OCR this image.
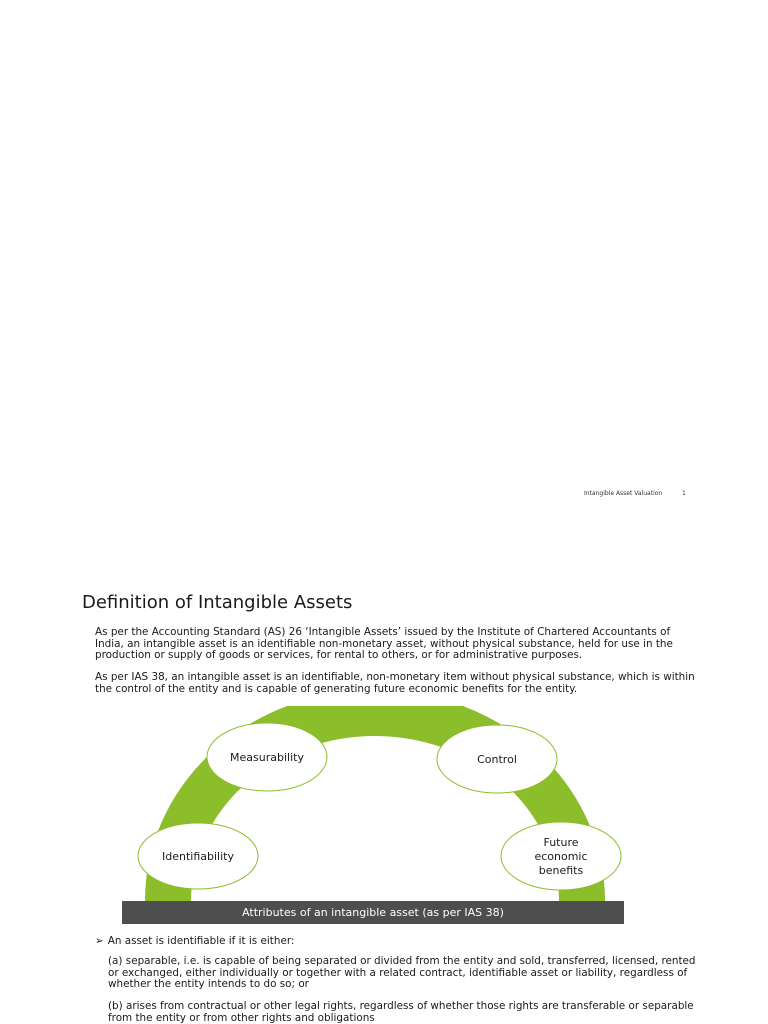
Intangible Asset Valuation	1
Definition of Intangible Assets

As per the Accounting Standard (AS) 26 ‘Intangible Assets’ issued by the Institute of Chartered Accountants of India, an intangible asset is an identifiable non-monetary asset, without physical substance, held for use in the production or supply of goods or services, for rental to others, or for administrative purposes.

As per IAS 38, an intangible asset is an identifiable, non-monetary item without physical substance, which is within the control of the entity and is capable of generating future economic benefits for the entity.

Identifiability
Measurability	Control
Future
economic
benefits
Attributes of an intangible asset (as per IAS 38)

➢ An asset is identifiable if it is either:

(a) separable, i.e. is capable of being separated or divided from the entity and sold, transferred, licensed, rented or exchanged, either individually or together with a related contract, identifiable asset or liability, regardless of whether the entity intends to do so; or

(b) arises from contractual or other legal rights, regardless of whether those rights are transferable or separable from the entity or from other rights and obligations
